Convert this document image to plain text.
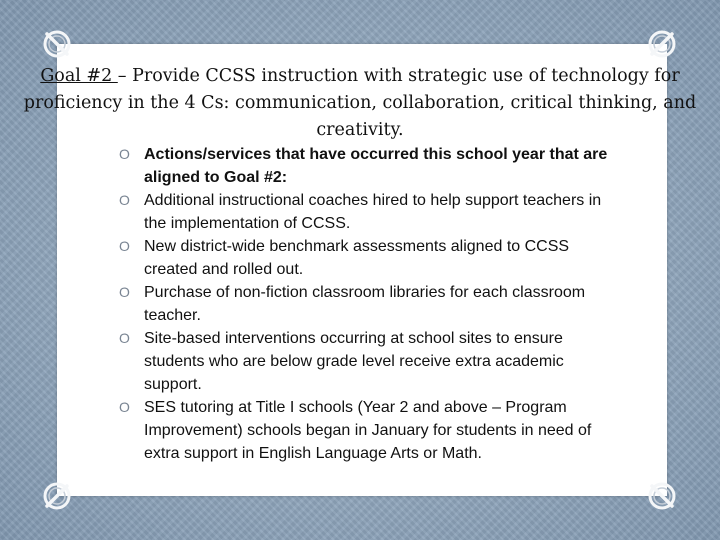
Goal #2 – Provide CCSS instruction with strategic use of technology for proficiency in the 4 Cs: communication, collaboration, critical thinking, and creativity.
O Actions/services that have occurred this school year that are aligned to Goal #2:
O Additional instructional coaches hired to help support teachers in the implementation of CCSS.
O New district-wide benchmark assessments aligned to CCSS created and rolled out.
O Purchase of non-fiction classroom libraries for each classroom teacher.
O Site-based interventions occurring at school sites to ensure students who are below grade level receive extra academic support.
O SES tutoring at Title I schools (Year 2 and above – Program Improvement) schools began in January for students in need of extra support in English Language Arts or Math.
